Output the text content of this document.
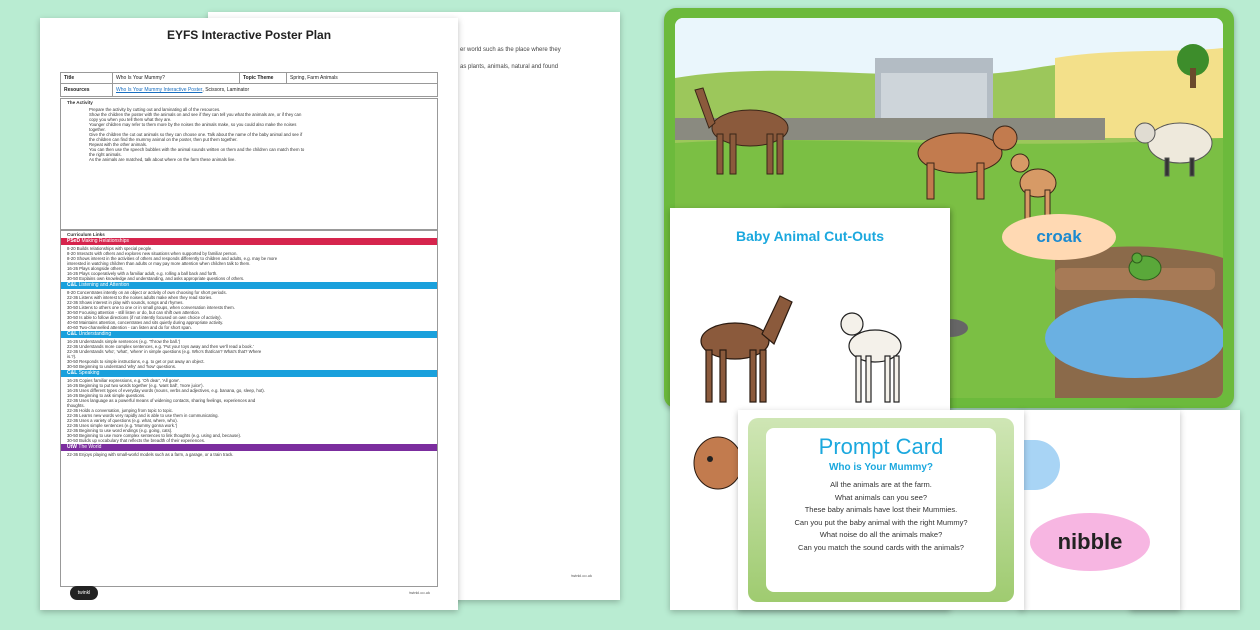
er world such as the place where they
as plants, animals, natural and found
twinkl.co.uk
EYFS Interactive Poster Plan
Title	Who Is Your Mummy?	Topic Theme	Spring, Farm Animals
Resources	Who Is Your Mummy Interactive Poster , Scissors, Laminator
The Activity
Prepare the activity by cutting out and laminating all of the resources.
Show the children the poster with the animals on and see if they can tell you what the animals are, or if they can
copy you when you tell them what they are.
Younger children may refer to them more by the noises the animals make, so you could also make the noises
together.
Give the children the cut out animals so they can choose one. Talk about the name of the baby animal and see if
the children can find the mummy animal on the poster, then put them together.
Repeat with the other animals.
You can then use the speech bubbles with the animal sounds written on them and the children can match them to
the right animals.
As the animals are matched, talk about where on the farm these animals live.
Curriculum Links
PSeD Making Relationships
8-20 Builds relationships with special people.
8-20 Interacts with others and explores new situations when supported by familiar person.
8-20 Shows interest in the activities of others and responds differently to children and adults, e.g. may be more
interested in watching children than adults or may pay more attention when children talk to them.
16-26 Plays alongside others.
16-26 Plays cooperatively with a familiar adult, e.g. rolling a ball back and forth.
30-50 Explains own knowledge and understanding, and asks appropriate questions of others.
C&L Listening and Attention
8-20 Concentrates intently on an object or activity of own choosing for short periods.
22-36 Listens with interest to the noises adults make when they read stories.
22-36 Shows interest in play with sounds, songs and rhymes.
30-50 Listens to others one to one or in small groups, when conversation interests them.
30-50 Focusing attention - still listen or do, but can shift own attention.
30-50 Is able to follow directions (if not intently focused on own choice of activity).
40-60 Maintains attention, concentrates and sits quietly during appropriate activity.
40-60 Two-channelled attention - can listen and do for short span.
C&L Understanding
16-26 Understands simple sentences (e.g. 'Throw the ball.')
22-36 Understands more complex sentences, e.g. 'Put your toys away and then we'll read a book.'
22-36 Understands 'who', 'what', 'where' in simple questions (e.g. Who's that/can? What's that? Where
is.?).
30-50 Responds to simple instructions, e.g. to get or put away an object.
30-50 Beginning to understand 'why' and 'how' questions.
C&L Speaking
16-26 Copies familiar expressions, e.g. 'Oh dear', 'All gone'.
16-26 Beginning to put two words together (e.g. 'want ball', 'more juice').
16-26 Uses different types of everyday words (nouns, verbs and adjectives, e.g. banana, go, sleep, hot).
16-26 Beginning to ask simple questions.
22-36 Uses language as a powerful means of widening contacts, sharing feelings, experiences and
thoughts.
22-36 Holds a conversation, jumping from topic to topic.
22-36 Learns new words very rapidly and is able to use them in communicating.
22-36 Uses a variety of questions (e.g. what, where, who).
22-36 Uses simple sentences (e.g. 'Mummy gonna work.')
22-36 Beginning to use word endings (e.g. going, cats).
30-50 Beginning to use more complex sentences to link thoughts (e.g. using and, because).
30-50 Builds up vocabulary that reflects the breadth of their experiences.
UtW The World
22-36 Enjoys playing with small-world models such as a farm, a garage, or a train track.
twinkl	twinkl.co.uk
croak
Baby Animal Cut-Outs
nibble
Prompt Card
Who is Your Mummy?
All the animals are at the farm.
What animals can you see?
These baby animals have lost their Mummies.
Can you put the baby animal with the right Mummy?
What noise do all the animals make?
Can you match the sound cards with the animals?
